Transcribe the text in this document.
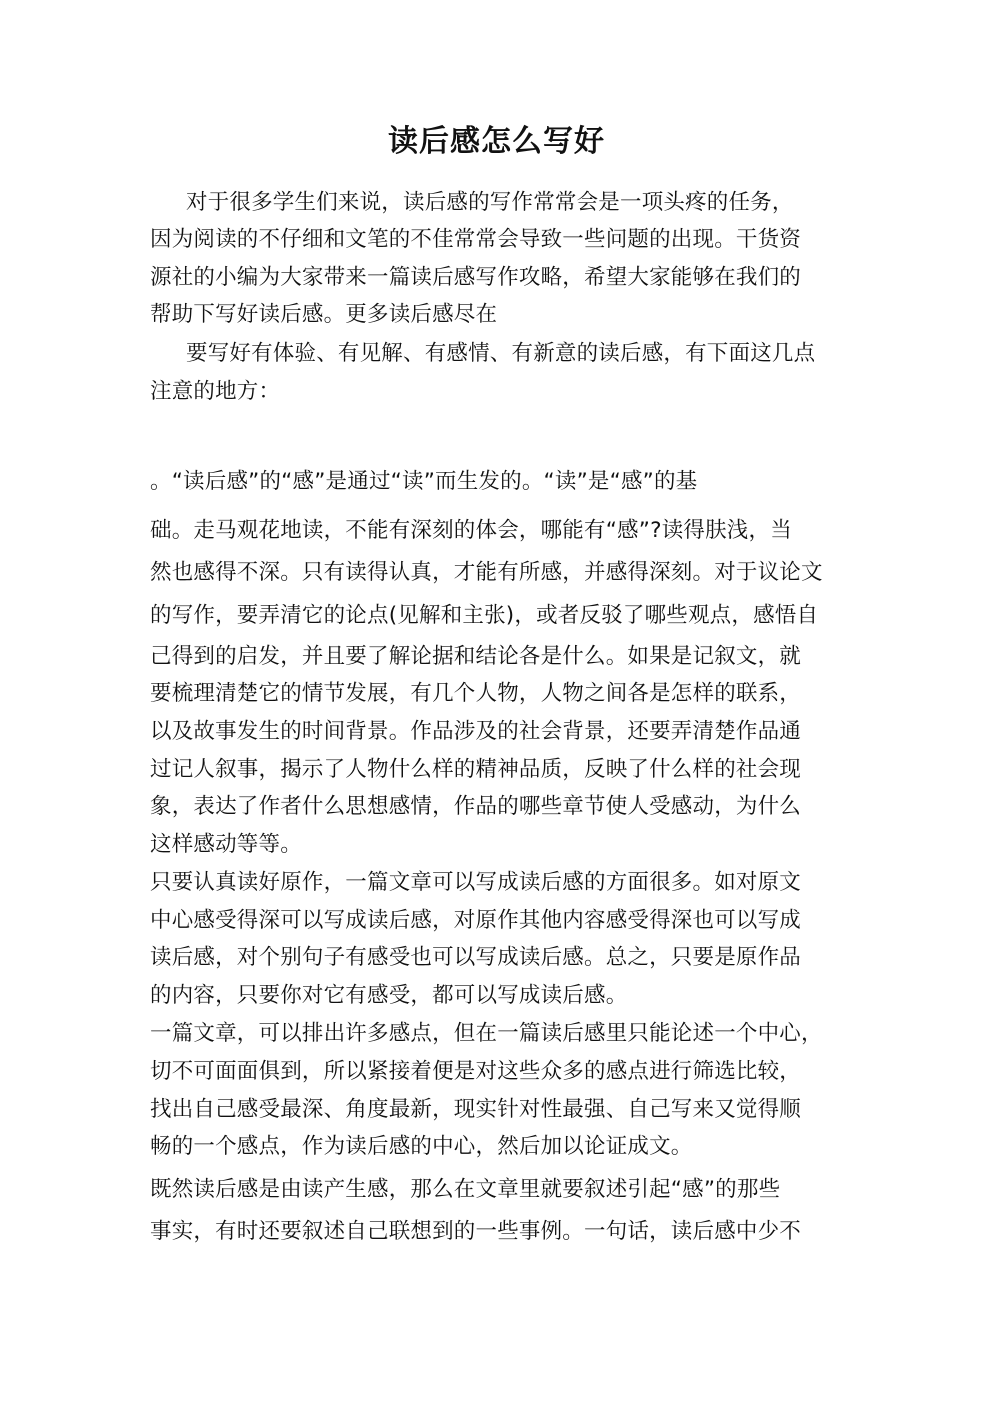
读后感怎么写好
对于很多学生们来说，读后感的写作常常会是一项头疼的任务，
因为阅读的不仔细和文笔的不佳常常会导致一些问题的出现。干货资
源社的小编为大家带来一篇读后感写作攻略，希望大家能够在我们的
帮助下写好读后感。更多读后感尽在
要写好有体验、有见解、有感情、有新意的读后感，有下面这几点
注意的地方：
。“读后感”的“感”是通过“读”而生发的。“读”是“感”的基
础。走马观花地读，不能有深刻的体会，哪能有“感”?读得肤浅，当
然也感得不深。只有读得认真，才能有所感，并感得深刻。对于议论文
的写作，要弄清它的论点(见解和主张)，或者反驳了哪些观点，感悟自
己得到的启发，并且要了解论据和结论各是什么。如果是记叙文，就
要梳理清楚它的情节发展，有几个人物，人物之间各是怎样的联系，
以及故事发生的时间背景。作品涉及的社会背景，还要弄清楚作品通
过记人叙事，揭示了人物什么样的精神品质，反映了什么样的社会现
象，表达了作者什么思想感情，作品的哪些章节使人受感动，为什么
这样感动等等。
只要认真读好原作，一篇文章可以写成读后感的方面很多。如对原文
中心感受得深可以写成读后感，对原作其他内容感受得深也可以写成
读后感，对个别句子有感受也可以写成读后感。总之，只要是原作品
的内容，只要你对它有感受，都可以写成读后感。
一篇文章，可以排出许多感点，但在一篇读后感里只能论述一个中心，
切不可面面俱到，所以紧接着便是对这些众多的感点进行筛选比较，
找出自己感受最深、角度最新，现实针对性最强、自己写来又觉得顺
畅的一个感点，作为读后感的中心，然后加以论证成文。
既然读后感是由读产生感，那么在文章里就要叙述引起“感”的那些
事实，有时还要叙述自己联想到的一些事例。一句话，读后感中少不
